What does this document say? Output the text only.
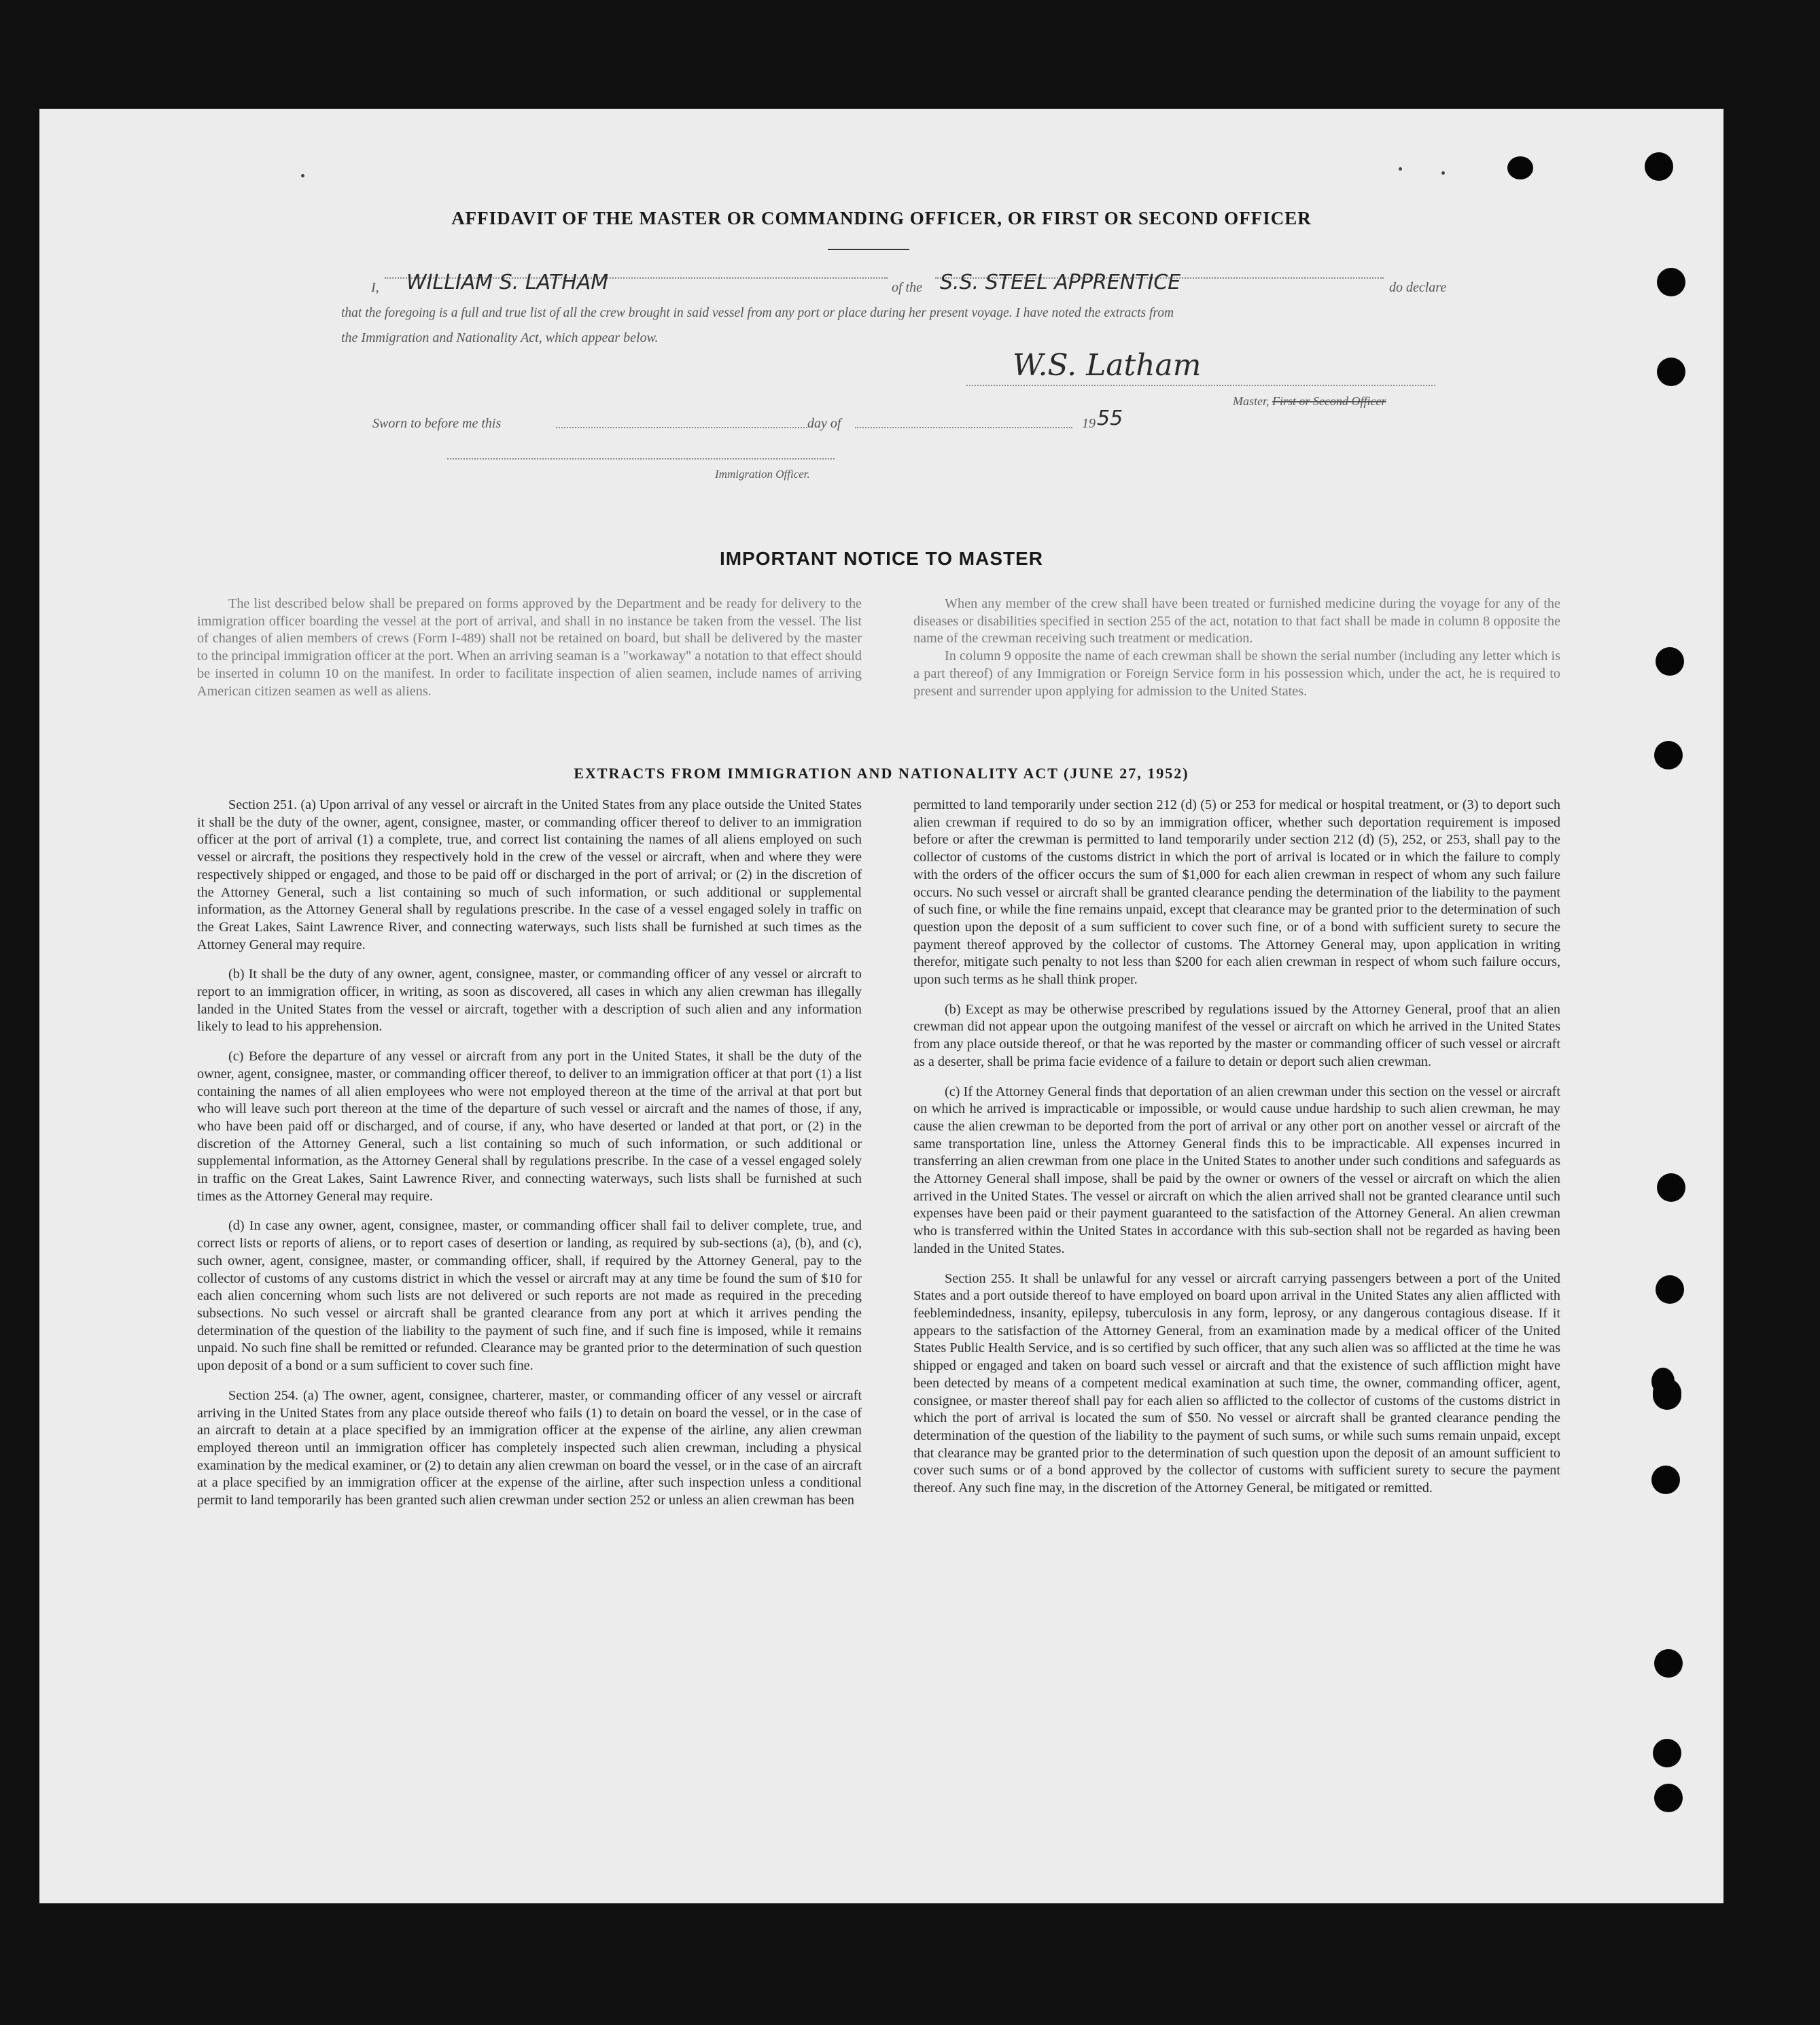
AFFIDAVIT OF THE MASTER OR COMMANDING OFFICER, OR FIRST OR SECOND OFFICER
I, WILLIAM S. LATHAM	of the S.S. STEEL APPRENTICE	do declare
that the foregoing is a full and true list of all the crew brought in said vessel from any port or place during her present voyage. I have noted the extracts from
the Immigration and Nationality Act, which appear below.
W.S. Latham
Master, First or Second Officer
Sworn to before me this	day of	19 55
Immigration Officer.
IMPORTANT NOTICE TO MASTER

The list described below shall be prepared on forms approved by the Department and be ready for delivery to the immigration officer boarding the vessel at the port of arrival, and shall in no instance be taken from the vessel. The list of changes of alien members of crews (Form I-489) shall not be retained on board, but shall be delivered by the master to the principal immigration officer at the port. When an arriving seaman is a "workaway" a notation to that effect should be inserted in column 10 on the manifest. In order to facilitate inspection of alien seamen, include names of arriving American citizen seamen as well as aliens.

When any member of the crew shall have been treated or furnished medicine during the voyage for any of the diseases or disabilities specified in section 255 of the act, notation to that fact shall be made in column 8 opposite the name of the crewman receiving such treatment or medication.

In column 9 opposite the name of each crewman shall be shown the serial number (including any letter which is a part thereof) of any Immigration or Foreign Service form in his possession which, under the act, he is required to present and surrender upon applying for admission to the United States.

EXTRACTS FROM IMMIGRATION AND NATIONALITY ACT (JUNE 27, 1952)

Section 251. (a) Upon arrival of any vessel or aircraft in the United States from any place outside the United States it shall be the duty of the owner, agent, consignee, master, or commanding officer thereof to deliver to an immigration officer at the port of arrival (1) a complete, true, and correct list containing the names of all aliens employed on such vessel or aircraft, the positions they respectively hold in the crew of the vessel or aircraft, when and where they were respectively shipped or engaged, and those to be paid off or discharged in the port of arrival; or (2) in the discretion of the Attorney General, such a list containing so much of such information, or such additional or supplemental information, as the Attorney General shall by regulations prescribe. In the case of a vessel engaged solely in traffic on the Great Lakes, Saint Lawrence River, and connecting waterways, such lists shall be furnished at such times as the Attorney General may require.

(b) It shall be the duty of any owner, agent, consignee, master, or commanding officer of any vessel or aircraft to report to an immigration officer, in writing, as soon as discovered, all cases in which any alien crewman has illegally landed in the United States from the vessel or aircraft, together with a description of such alien and any information likely to lead to his apprehension.

(c) Before the departure of any vessel or aircraft from any port in the United States, it shall be the duty of the owner, agent, consignee, master, or commanding officer thereof, to deliver to an immigration officer at that port (1) a list containing the names of all alien employees who were not employed thereon at the time of the arrival at that port but who will leave such port thereon at the time of the departure of such vessel or aircraft and the names of those, if any, who have been paid off or discharged, and of course, if any, who have deserted or landed at that port, or (2) in the discretion of the Attorney General, such a list containing so much of such information, or such additional or supplemental information, as the Attorney General shall by regulations prescribe. In the case of a vessel engaged solely in traffic on the Great Lakes, Saint Lawrence River, and connecting waterways, such lists shall be furnished at such times as the Attorney General may require.

(d) In case any owner, agent, consignee, master, or commanding officer shall fail to deliver complete, true, and correct lists or reports of aliens, or to report cases of desertion or landing, as required by sub-sections (a), (b), and (c), such owner, agent, consignee, master, or commanding officer, shall, if required by the Attorney General, pay to the collector of customs of any customs district in which the vessel or aircraft may at any time be found the sum of $10 for each alien concerning whom such lists are not delivered or such reports are not made as required in the preceding subsections. No such vessel or aircraft shall be granted clearance from any port at which it arrives pending the determination of the question of the liability to the payment of such fine, and if such fine is imposed, while it remains unpaid. No such fine shall be remitted or refunded. Clearance may be granted prior to the determination of such question upon deposit of a bond or a sum sufficient to cover such fine.

Section 254. (a) The owner, agent, consignee, charterer, master, or commanding officer of any vessel or aircraft arriving in the United States from any place outside thereof who fails (1) to detain on board the vessel, or in the case of an aircraft to detain at a place specified by an immigration officer at the expense of the airline, any alien crewman employed thereon until an immigration officer has completely inspected such alien crewman, including a physical examination by the medical examiner, or (2) to detain any alien crewman on board the vessel, or in the case of an aircraft at a place specified by an immigration officer at the expense of the airline, after such inspection unless a conditional permit to land temporarily has been granted such alien crewman under section 252 or unless an alien crewman has been

permitted to land temporarily under section 212 (d) (5) or 253 for medical or hospital treatment, or (3) to deport such alien crewman if required to do so by an immigration officer, whether such deportation requirement is imposed before or after the crewman is permitted to land temporarily under section 212 (d) (5), 252, or 253, shall pay to the collector of customs of the customs district in which the port of arrival is located or in which the failure to comply with the orders of the officer occurs the sum of $1,000 for each alien crewman in respect of whom any such failure occurs. No such vessel or aircraft shall be granted clearance pending the determination of the liability to the payment of such fine, or while the fine remains unpaid, except that clearance may be granted prior to the determination of such question upon the deposit of a sum sufficient to cover such fine, or of a bond with sufficient surety to secure the payment thereof approved by the collector of customs. The Attorney General may, upon application in writing therefor, mitigate such penalty to not less than $200 for each alien crewman in respect of whom such failure occurs, upon such terms as he shall think proper.

(b) Except as may be otherwise prescribed by regulations issued by the Attorney General, proof that an alien crewman did not appear upon the outgoing manifest of the vessel or aircraft on which he arrived in the United States from any place outside thereof, or that he was reported by the master or commanding officer of such vessel or aircraft as a deserter, shall be prima facie evidence of a failure to detain or deport such alien crewman.

(c) If the Attorney General finds that deportation of an alien crewman under this section on the vessel or aircraft on which he arrived is impracticable or impossible, or would cause undue hardship to such alien crewman, he may cause the alien crewman to be deported from the port of arrival or any other port on another vessel or aircraft of the same transportation line, unless the Attorney General finds this to be impracticable. All expenses incurred in transferring an alien crewman from one place in the United States to another under such conditions and safeguards as the Attorney General shall impose, shall be paid by the owner or owners of the vessel or aircraft on which the alien arrived in the United States. The vessel or aircraft on which the alien arrived shall not be granted clearance until such expenses have been paid or their payment guaranteed to the satisfaction of the Attorney General. An alien crewman who is transferred within the United States in accordance with this sub-section shall not be regarded as having been landed in the United States.

Section 255. It shall be unlawful for any vessel or aircraft carrying passengers between a port of the United States and a port outside thereof to have employed on board upon arrival in the United States any alien afflicted with feeblemindedness, insanity, epilepsy, tuberculosis in any form, leprosy, or any dangerous contagious disease. If it appears to the satisfaction of the Attorney General, from an examination made by a medical officer of the United States Public Health Service, and is so certified by such officer, that any such alien was so afflicted at the time he was shipped or engaged and taken on board such vessel or aircraft and that the existence of such affliction might have been detected by means of a competent medical examination at such time, the owner, commanding officer, agent, consignee, or master thereof shall pay for each alien so afflicted to the collector of customs of the customs district in which the port of arrival is located the sum of $50. No vessel or aircraft shall be granted clearance pending the determination of the question of the liability to the payment of such sums, or while such sums remain unpaid, except that clearance may be granted prior to the determination of such question upon the deposit of an amount sufficient to cover such sums or of a bond approved by the collector of customs with sufficient surety to secure the payment thereof. Any such fine may, in the discretion of the Attorney General, be mitigated or remitted.
